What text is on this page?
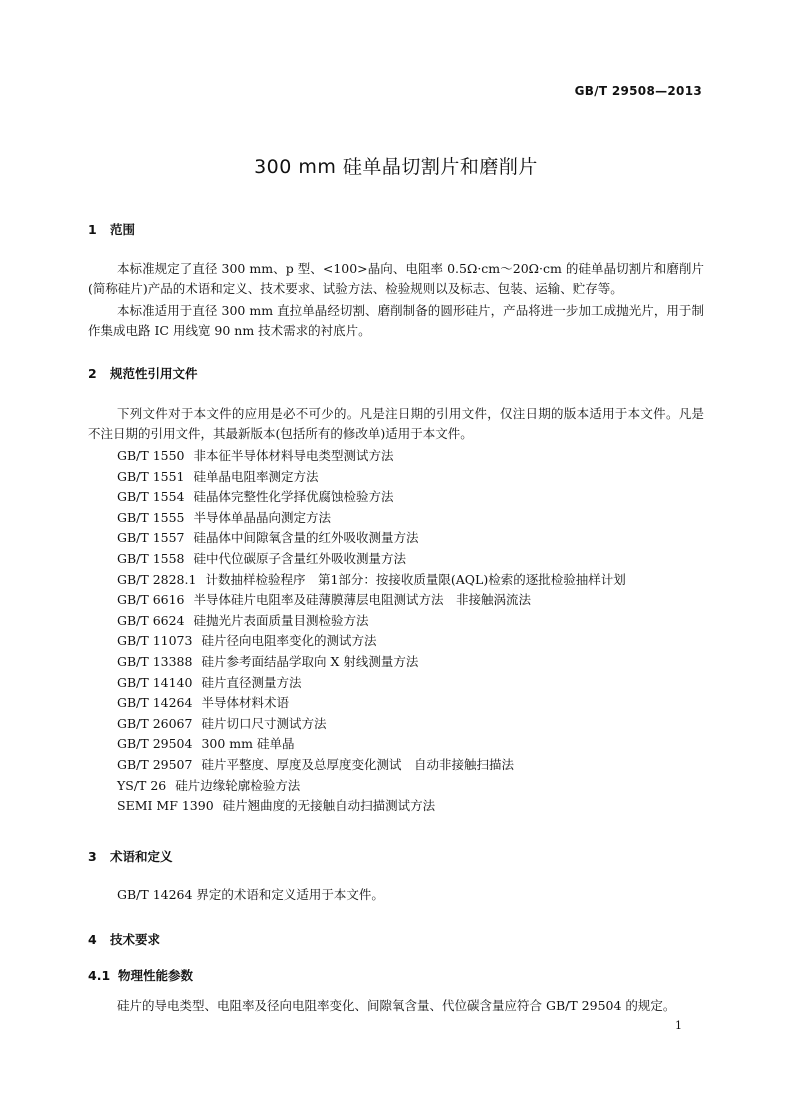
GB/T 29508—2013
300 mm 硅单晶切割片和磨削片
1 范围
本标准规定了直径 300 mm、p 型、<100>晶向、电阻率 0.5Ω·cm～20Ω·cm 的硅单晶切割片和磨削片(简称硅片)产品的术语和定义、技术要求、试验方法、检验规则以及标志、包装、运输、贮存等。
本标准适用于直径 300 mm 直拉单晶经切割、磨削制备的圆形硅片，产品将进一步加工成抛光片，用于制作集成电路 IC 用线宽 90 nm 技术需求的衬底片。
2 规范性引用文件
下列文件对于本文件的应用是必不可少的。凡是注日期的引用文件，仅注日期的版本适用于本文件。凡是不注日期的引用文件，其最新版本(包括所有的修改单)适用于本文件。
GB/T 1550 非本征半导体材料导电类型测试方法
GB/T 1551 硅单晶电阻率测定方法
GB/T 1554 硅晶体完整性化学择优腐蚀检验方法
GB/T 1555 半导体单晶晶向测定方法
GB/T 1557 硅晶体中间隙氧含量的红外吸收测量方法
GB/T 1558 硅中代位碳原子含量红外吸收测量方法
GB/T 2828.1 计数抽样检验程序　第1部分：按接收质量限(AQL)检索的逐批检验抽样计划
GB/T 6616 半导体硅片电阻率及硅薄膜薄层电阻测试方法　非接触涡流法
GB/T 6624 硅抛光片表面质量目测检验方法
GB/T 11073 硅片径向电阻率变化的测试方法
GB/T 13388 硅片参考面结晶学取向 X 射线测量方法
GB/T 14140 硅片直径测量方法
GB/T 14264 半导体材料术语
GB/T 26067 硅片切口尺寸测试方法
GB/T 29504 300 mm 硅单晶
GB/T 29507 硅片平整度、厚度及总厚度变化测试　自动非接触扫描法
YS/T 26 硅片边缘轮廓检验方法
SEMI MF 1390 硅片翘曲度的无接触自动扫描测试方法
3 术语和定义
GB/T 14264 界定的术语和定义适用于本文件。
4 技术要求
4.1 物理性能参数
硅片的导电类型、电阻率及径向电阻率变化、间隙氧含量、代位碳含量应符合 GB/T 29504 的规定。
1
